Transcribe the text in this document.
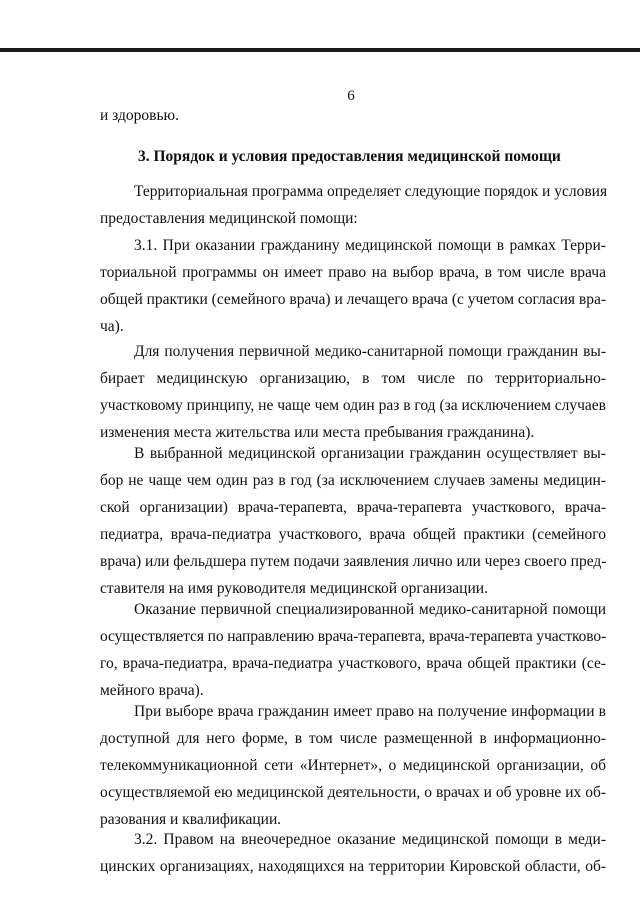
6
и здоровью.
3. Порядок и условия предоставления медицинской помощи
Территориальная программа определяет следующие порядок и условия
предоставления медицинской помощи:
3.1. При оказании гражданину медицинской помощи в рамках Терри-
ториальной программы он имеет право на выбор врача, в том числе врача
общей практики (семейного врача) и лечащего врача (с учетом согласия вра-
ча).
Для получения первичной медико-санитарной помощи гражданин вы-
бирает медицинскую организацию, в том числе по территориально-
участковому принципу, не чаще чем один раз в год (за исключением случаев
изменения места жительства или места пребывания гражданина).
В выбранной медицинской организации гражданин осуществляет вы-
бор не чаще чем один раз в год (за исключением случаев замены медицин-
ской организации) врача-терапевта, врача-терапевта участкового, врача-
педиатра, врача-педиатра участкового, врача общей практики (семейного
врача) или фельдшера путем подачи заявления лично или через своего пред-
ставителя на имя руководителя медицинской организации.
Оказание первичной специализированной медико-санитарной помощи
осуществляется по направлению врача-терапевта, врача-терапевта участково-
го, врача-педиатра, врача-педиатра участкового, врача общей практики (се-
мейного врача).
При выборе врача гражданин имеет право на получение информации в
доступной для него форме, в том числе размещенной в информационно-
телекоммуникационной сети «Интернет», о медицинской организации, об
осуществляемой ею медицинской деятельности, о врачах и об уровне их об-
разования и квалификации.
3.2. Правом на внеочередное оказание медицинской помощи в меди-
цинских организациях, находящихся на территории Кировской области, об-
